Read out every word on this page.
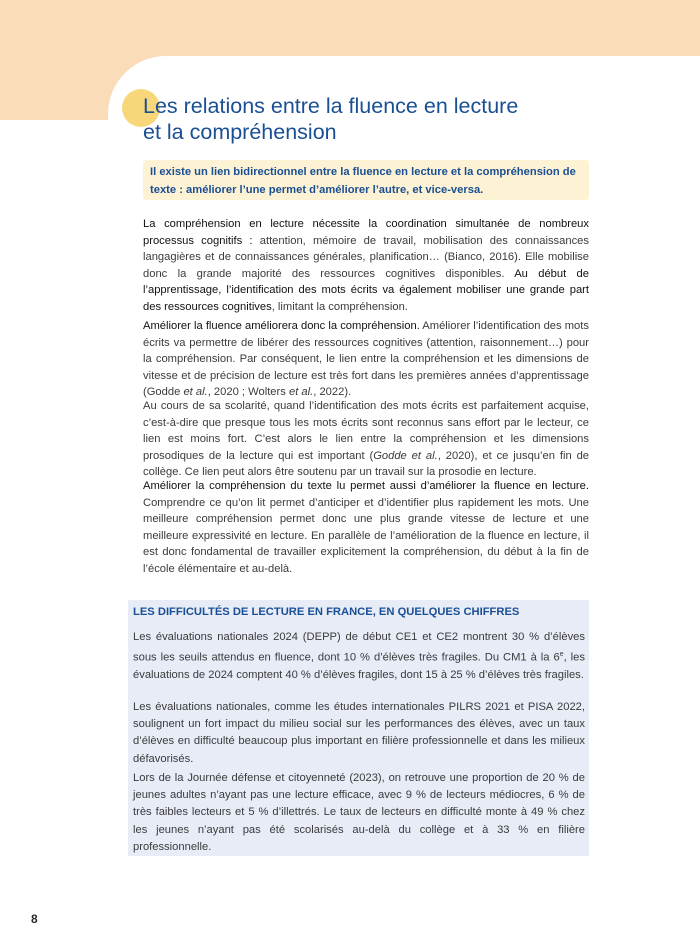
Les relations entre la fluence en lecture
et la compréhension

Il existe un lien bidirectionnel entre la fluence en lecture et la compréhension de texte : améliorer l’une permet d’améliorer l’autre, et vice-versa.

La compréhension en lecture nécessite la coordination simultanée de nombreux processus cognitifs : attention, mémoire de travail, mobilisation des connaissances langagières et de connaissances générales, planification… (Bianco, 2016). Elle mobilise donc la grande majorité des ressources cognitives disponibles. Au début de l’apprentissage, l’identification des mots écrits va également mobiliser une grande part des ressources cognitives, limitant la compréhension.

Améliorer la fluence améliorera donc la compréhension. Améliorer l’identification des mots écrits va permettre de libérer des ressources cognitives (attention, raisonnement…) pour la compréhension. Par conséquent, le lien entre la compréhension et les dimensions de vitesse et de précision de lecture est très fort dans les premières années d’apprentissage (Godde et al., 2020 ; Wolters et al., 2022).

Au cours de sa scolarité, quand l’identification des mots écrits est parfaitement acquise, c’est-à-dire que presque tous les mots écrits sont reconnus sans effort par le lecteur, ce lien est moins fort. C’est alors le lien entre la compréhension et les dimensions prosodiques de la lecture qui est important (Godde et al., 2020), et ce jusqu’en fin de collège. Ce lien peut alors être soutenu par un travail sur la prosodie en lecture.

Améliorer la compréhension du texte lu permet aussi d’améliorer la fluence en lecture. Comprendre ce qu’on lit permet d’anticiper et d’identifier plus rapidement les mots. Une meilleure compréhension permet donc une plus grande vitesse de lecture et une meilleure expressivité en lecture. En parallèle de l’amélioration de la fluence en lecture, il est donc fondamental de travailler explicitement la compréhension, du début à la fin de l’école élémentaire et au-delà.

LES DIFFICULTÉS DE LECTURE EN FRANCE, EN QUELQUES CHIFFRES

Les évaluations nationales 2024 (DEPP) de début CE1 et CE2 montrent 30 % d’élèves sous les seuils attendus en fluence, dont 10 % d’élèves très fragiles. Du CM1 à la 6e, les évaluations de 2024 comptent 40 % d’élèves fragiles, dont 15 à 25 % d’élèves très fragiles.

Les évaluations nationales, comme les études internationales PILRS 2021 et PISA 2022, soulignent un fort impact du milieu social sur les performances des élèves, avec un taux d’élèves en difficulté beaucoup plus important en filière professionnelle et dans les milieux défavorisés.

Lors de la Journée défense et citoyenneté (2023), on retrouve une proportion de 20 % de jeunes adultes n’ayant pas une lecture efficace, avec 9 % de lecteurs médiocres, 6 % de très faibles lecteurs et 5 % d’illettrés. Le taux de lecteurs en difficulté monte à 49 % chez les jeunes n’ayant pas été scolarisés au-delà du collège et à 33 % en filière professionnelle.

8
